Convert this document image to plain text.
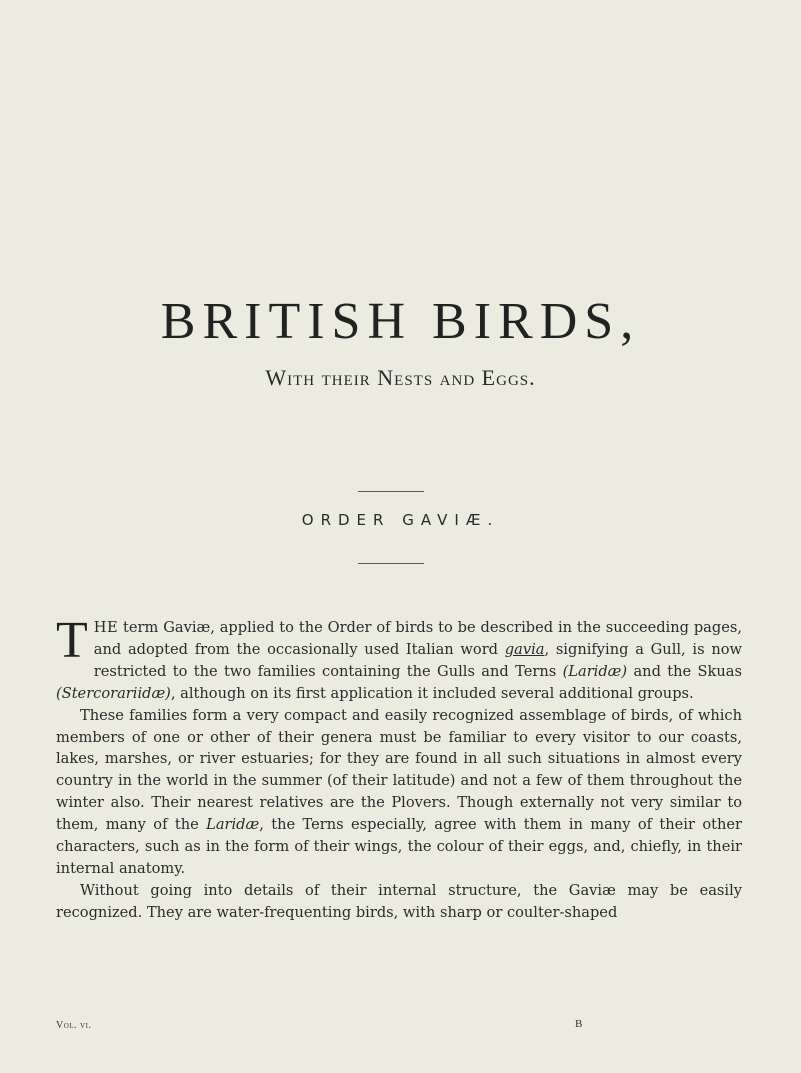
BRITISH BIRDS,
With their Nests and Eggs.
ORDER GAVIÆ.

THE term Gaviæ, applied to the Order of birds to be described in the succeeding pages, and adopted from the occasionally used Italian word gavia, signifying a Gull, is now restricted to the two families containing the Gulls and Terns (Laridæ) and the Skuas (Stercorariidæ), although on its first application it included several additional groups.

These families form a very compact and easily recognized assemblage of birds, of which members of one or other of their genera must be familiar to every visitor to our coasts, lakes, marshes, or river estuaries; for they are found in all such situations in almost every country in the world in the summer (of their latitude) and not a few of them throughout the winter also. Their nearest relatives are the Plovers. Though externally not very similar to them, many of the Laridæ, the Terns especially, agree with them in many of their other characters, such as in the form of their wings, the colour of their eggs, and, chiefly, in their internal anatomy.

Without going into details of their internal structure, the Gaviæ may be easily recognized. They are water-frequenting birds, with sharp or coulter-shaped

Vol. vi.	B
